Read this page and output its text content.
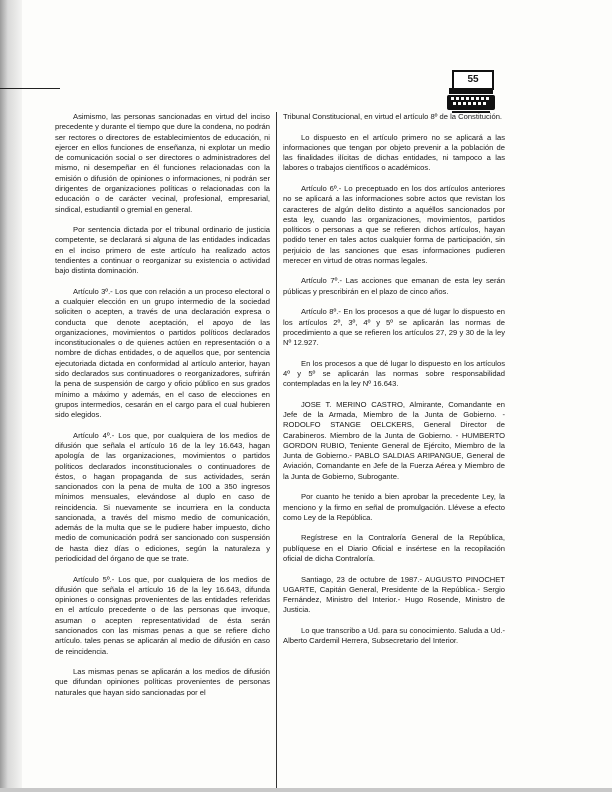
55

Asimismo, las personas sancionadas en virtud del inciso precedente y durante el tiempo que dure la condena, no podrán ser rectores o directores de establecimientos de educación, ni ejercer en ellos funciones de enseñanza, ni explotar un medio de comunicación social o ser directores o administradores del mismo, ni desempeñar en él funciones relacionadas con la emisión o difusión de opiniones o informaciones, ni podrán ser dirigentes de organizaciones políticas o relacionadas con la educación o de carácter vecinal, profesional, empresarial, sindical, estudiantil o gremial en general.

Por sentencia dictada por el tribunal ordinario de justicia competente, se declarará si alguna de las entidades indicadas en el inciso primero de este artículo ha realizado actos tendientes a continuar o reorganizar su existencia o actividad bajo distinta dominación.

Artículo 3º.- Los que con relación a un proceso electoral o a cualquier elección en un grupo intermedio de la sociedad soliciten o acepten, a través de una declaración expresa o conducta que denote aceptación, el apoyo de las organizaciones, movimientos o partidos políticos declarados inconstitucionales o de quienes actúen en representación o a nombre de dichas entidades, o de aquellos que, por sentencia ejecutoriada dictada en conformidad al artículo anterior, hayan sido declarados sus continuadores o reorganizadores, sufrirán la pena de suspensión de cargo y oficio público en sus grados mínimo a máximo y además, en el caso de elecciones en grupos intermedios, cesarán en el cargo para el cual hubieren sido elegidos.

Artículo 4º.- Los que, por cualquiera de los medios de difusión que señala el artículo 16 de la ley 16.643, hagan apología de las organizaciones, movimientos o partidos políticos declarados inconstitucionales o continuadores de éstos, o hagan propaganda de sus actividades, serán sancionados con la pena de multa de 100 a 350 ingresos mínimos mensuales, elevándose al duplo en caso de reincidencia. Si nuevamente se incurriera en la conducta sancionada, a través del mismo medio de comunicación, además de la multa que se le pudiere haber impuesto, dicho medio de comunicación podrá ser sancionado con suspensión de hasta diez días o ediciones, según la naturaleza y periodicidad del órgano de que se trate.

Artículo 5º.- Los que, por cualquiera de los medios de difusión que señala el artículo 16 de la ley 16.643, difunda opiniones o consignas provenientes de las entidades referidas en el artículo precedente o de las personas que invoque, asuman o acepten representatividad de ésta serán sancionados con las mismas penas a que se refiere dicho artículo. tales penas se aplicarán al medio de difusión en caso de reincidencia.

Las mismas penas se aplicarán a los medios de difusión que difundan opiniones políticas provenientes de personas naturales que hayan sido sancionadas por el

Tribunal Constitucional, en virtud el artículo 8º de la Constitución.

Lo dispuesto en el artículo primero no se aplicará a las informaciones que tengan por objeto prevenir a la población de las finalidades ilícitas de dichas entidades, ni tampoco a las labores o trabajos científicos o académicos.

Artículo 6º.- Lo preceptuado en los dos artículos anteriores no se aplicará a las informaciones sobre actos que revistan los caracteres de algún delito distinto a aquéllos sancionados por esta ley, cuando las organizaciones, movimientos, partidos políticos o personas a que se refieren dichos artículos, hayan podido tener en tales actos cualquier forma de participación, sin perjuicio de las sanciones que esas informaciones pudieren merecer en virtud de otras normas legales.

Artículo 7º.- Las acciones que emanan de esta ley serán públicas y prescribirán en el plazo de cinco años.

Artículo 8º.- En los procesos a que dé lugar lo dispuesto en los artículos 2º, 3º, 4º y 5º se aplicarán las normas de procedimiento a que se refieren los artículos 27, 29 y 30 de la ley Nº 12.927.

En los procesos a que dé lugar lo dispuesto en los artículos 4º y 5º se aplicarán las normas sobre responsabilidad contempladas en la ley Nº 16.643.

JOSE T. MERINO CASTRO, Almirante, Comandante en Jefe de la Armada, Miembro de la Junta de Gobierno. - RODOLFO STANGE OELCKERS, General Director de Carabineros. Miembro de la Junta de Gobierno. - HUMBERTO GORDON RUBIO, Teniente General de Ejército, Miembro de la Junta de Gobierno.- PABLO SALDIAS ARIPANGUE, General de Aviación, Comandante en Jefe de la Fuerza Aérea y Miembro de la Junta de Gobierno, Subrogante.

Por cuanto he tenido a bien aprobar la precedente Ley, la menciono y la firmo en señal de promulgación. Llévese a efecto como Ley de la República.

Regístrese en la Contraloría General de la República, publíquese en el Diario Oficial e insértese en la recopilación oficial de dicha Contraloría.

Santiago, 23 de octubre de 1987.- AUGUSTO PINOCHET UGARTE, Capitán General, Presidente de la República.- Sergio Fernández, Ministro del Interior.- Hugo Rosende, Ministro de Justicia.

Lo que transcribo a Ud. para su conocimiento. Saluda a Ud.- Alberto Cardemil Herrera, Subsecretario del Interior.
